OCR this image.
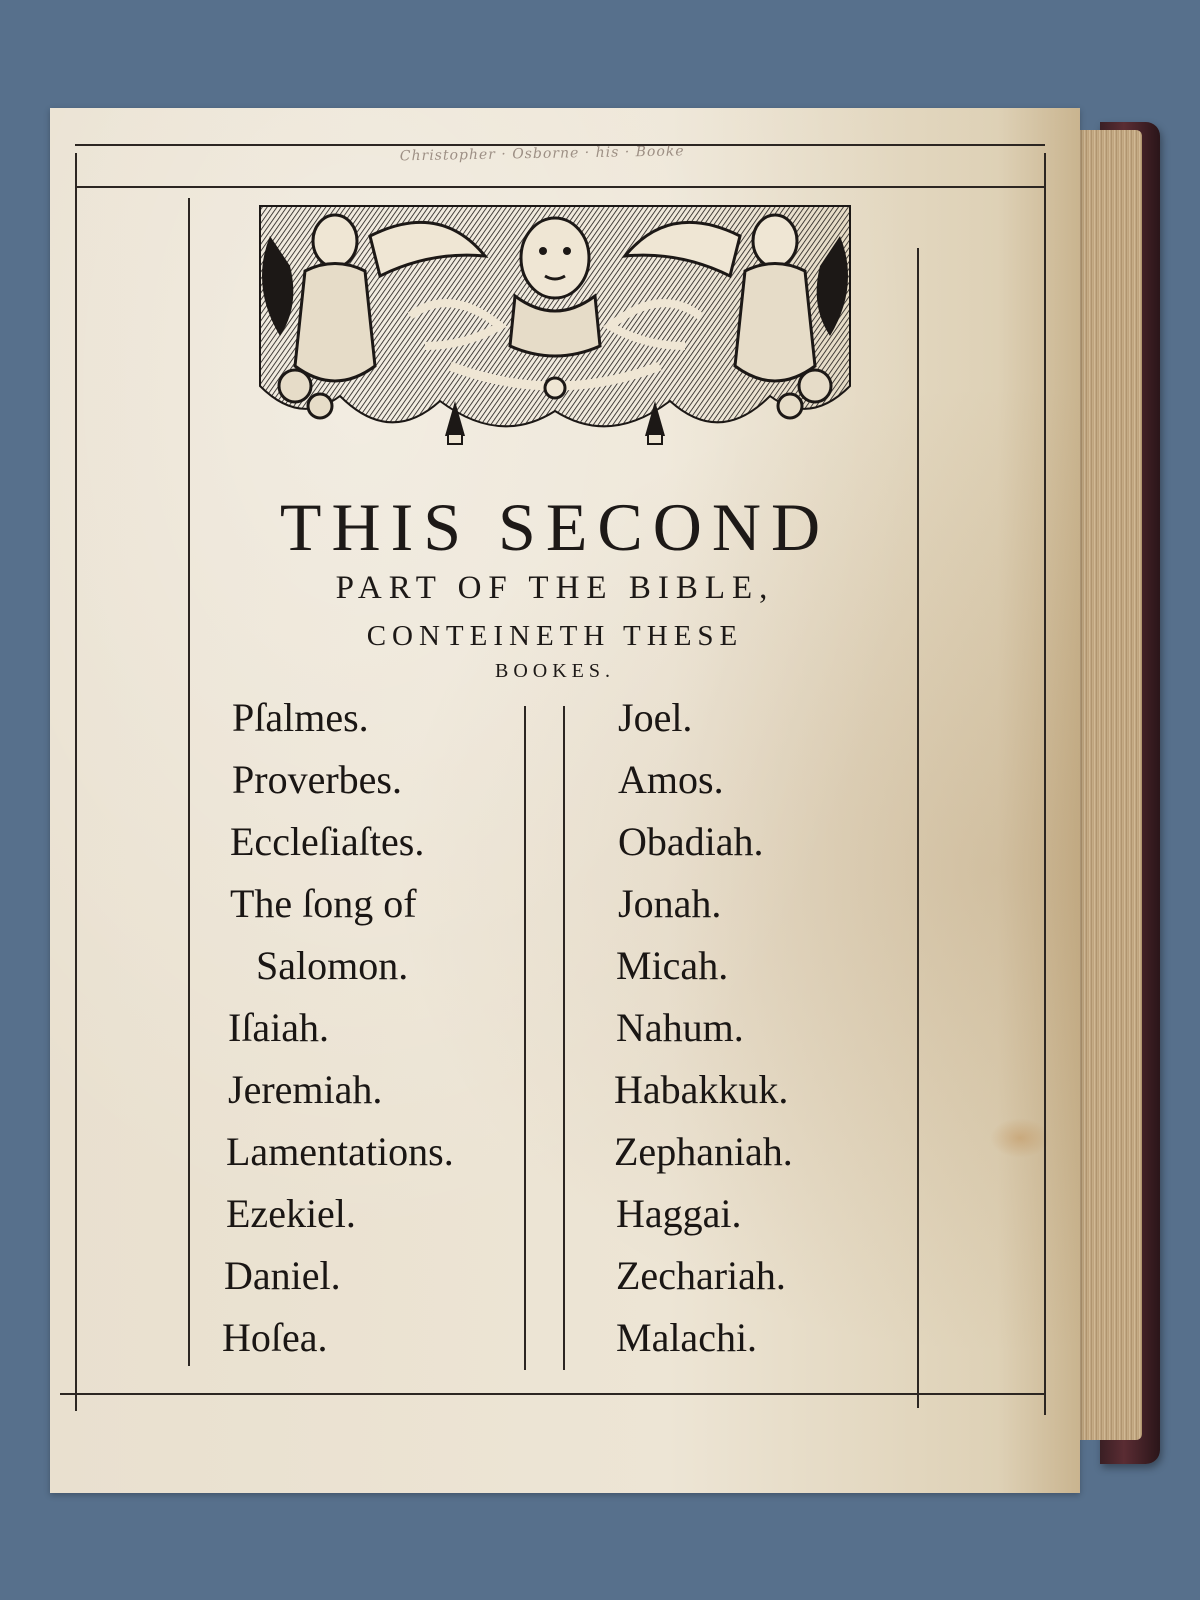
Christopher · Osborne · his · Booke
THIS SECOND
PART OF THE BIBLE,
CONTEINETH THESE
BOOKES.
Pſalmes.
Proverbes.
Eccleſiaſtes.
The ſong of
Salomon.
Iſaiah.
Jeremiah.
Lamentations.
Ezekiel.
Daniel.
Hoſea.
Joel.
Amos.
Obadiah.
Jonah.
Micah.
Nahum.
Habakkuk.
Zephaniah.
Haggai.
Zechariah.
Malachi.
